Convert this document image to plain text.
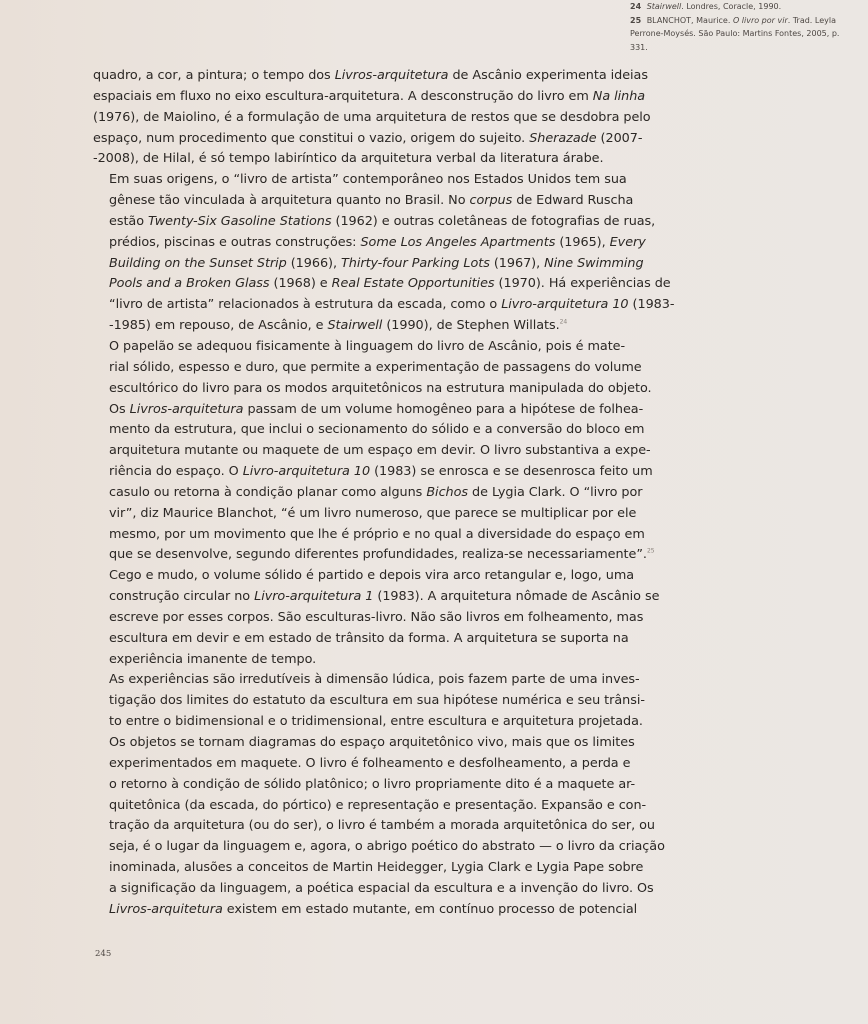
quadro, a cor, a pintura; o tempo dos Livros-arquitetura de Ascânio experimenta ideias
espaciais em fluxo no eixo escultura-arquitetura. A desconstrução do livro em Na linha
(1976), de Maiolino, é a formulação de uma arquitetura de restos que se desdobra pelo
espaço, num procedimento que constitui o vazio, origem do sujeito. Sherazade (2007-
-2008), de Hilal, é só tempo labiríntico da arquitetura verbal da literatura árabe.

Em suas origens, o “livro de artista” contemporâneo nos Estados Unidos tem sua
gênese tão vinculada à arquitetura quanto no Brasil. No corpus de Edward Ruscha
estão Twenty-Six Gasoline Stations (1962) e outras coletâneas de fotografias de ruas,
prédios, piscinas e outras construções: Some Los Angeles Apartments (1965), Every
Building on the Sunset Strip (1966), Thirty-four Parking Lots (1967), Nine Swimming
Pools and a Broken Glass (1968) e Real Estate Opportunities (1970). Há experiências de
“livro de artista” relacionados à estrutura da escada, como o Livro-arquitetura 10 (1983-
-1985) em repouso, de Ascânio, e Stairwell (1990), de Stephen Willats.$^{24}$

O papelão se adequou fisicamente à linguagem do livro de Ascânio, pois é mate-
rial sólido, espesso e duro, que permite a experimentação de passagens do volume
escultórico do livro para os modos arquitetônicos na estrutura manipulada do objeto.
Os Livros-arquitetura passam de um volume homogêneo para a hipótese de folhea-
mento da estrutura, que inclui o secionamento do sólido e a conversão do bloco em
arquitetura mutante ou maquete de um espaço em devir. O livro substantiva a expe-
riência do espaço. O Livro-arquitetura 10 (1983) se enrosca e se desenrosca feito um
casulo ou retorna à condição planar como alguns Bichos de Lygia Clark. O “livro por
vir”, diz Maurice Blanchot, “é um livro numeroso, que parece se multiplicar por ele
mesmo, por um movimento que lhe é próprio e no qual a diversidade do espaço em
que se desenvolve, segundo diferentes profundidades, realiza-se necessariamente”.$^{25}$
Cego e mudo, o volume sólido é partido e depois vira arco retangular e, logo, uma
construção circular no Livro-arquitetura 1 (1983). A arquitetura nômade de Ascânio se
escreve por esses corpos. São esculturas-livro. Não são livros em folheamento, mas
escultura em devir e em estado de trânsito da forma. A arquitetura se suporta na
experiência imanente de tempo.

As experiências são irredutíveis à dimensão lúdica, pois fazem parte de uma inves-
tigação dos limites do estatuto da escultura em sua hipótese numérica e seu trânsi-
to entre o bidimensional e o tridimensional, entre escultura e arquitetura projetada.
Os objetos se tornam diagramas do espaço arquitetônico vivo, mais que os limites
experimentados em maquete. O livro é folheamento e desfolheamento, a perda e
o retorno à condição de sólido platônico; o livro propriamente dito é a maquete ar-
quitetônica (da escada, do pórtico) e representação e presentação. Expansão e con-
tração da arquitetura (ou do ser), o livro é também a morada arquitetônica do ser, ou
seja, é o lugar da linguagem e, agora, o abrigo poético do abstrato — o livro da criação
inominada, alusões a conceitos de Martin Heidegger, Lygia Clark e Lygia Pape sobre
a significação da linguagem, a poética espacial da escultura e a invenção do livro. Os
Livros-arquitetura existem em estado mutante, em contínuo processo de potencial

24 Stairwell. Londres, Coracle, 1990.
25 BLANCHOT, Maurice. O livro por vir. Trad. Leyla Perrone-Moysés. São Paulo: Martins Fontes, 2005, p. 331.
245
